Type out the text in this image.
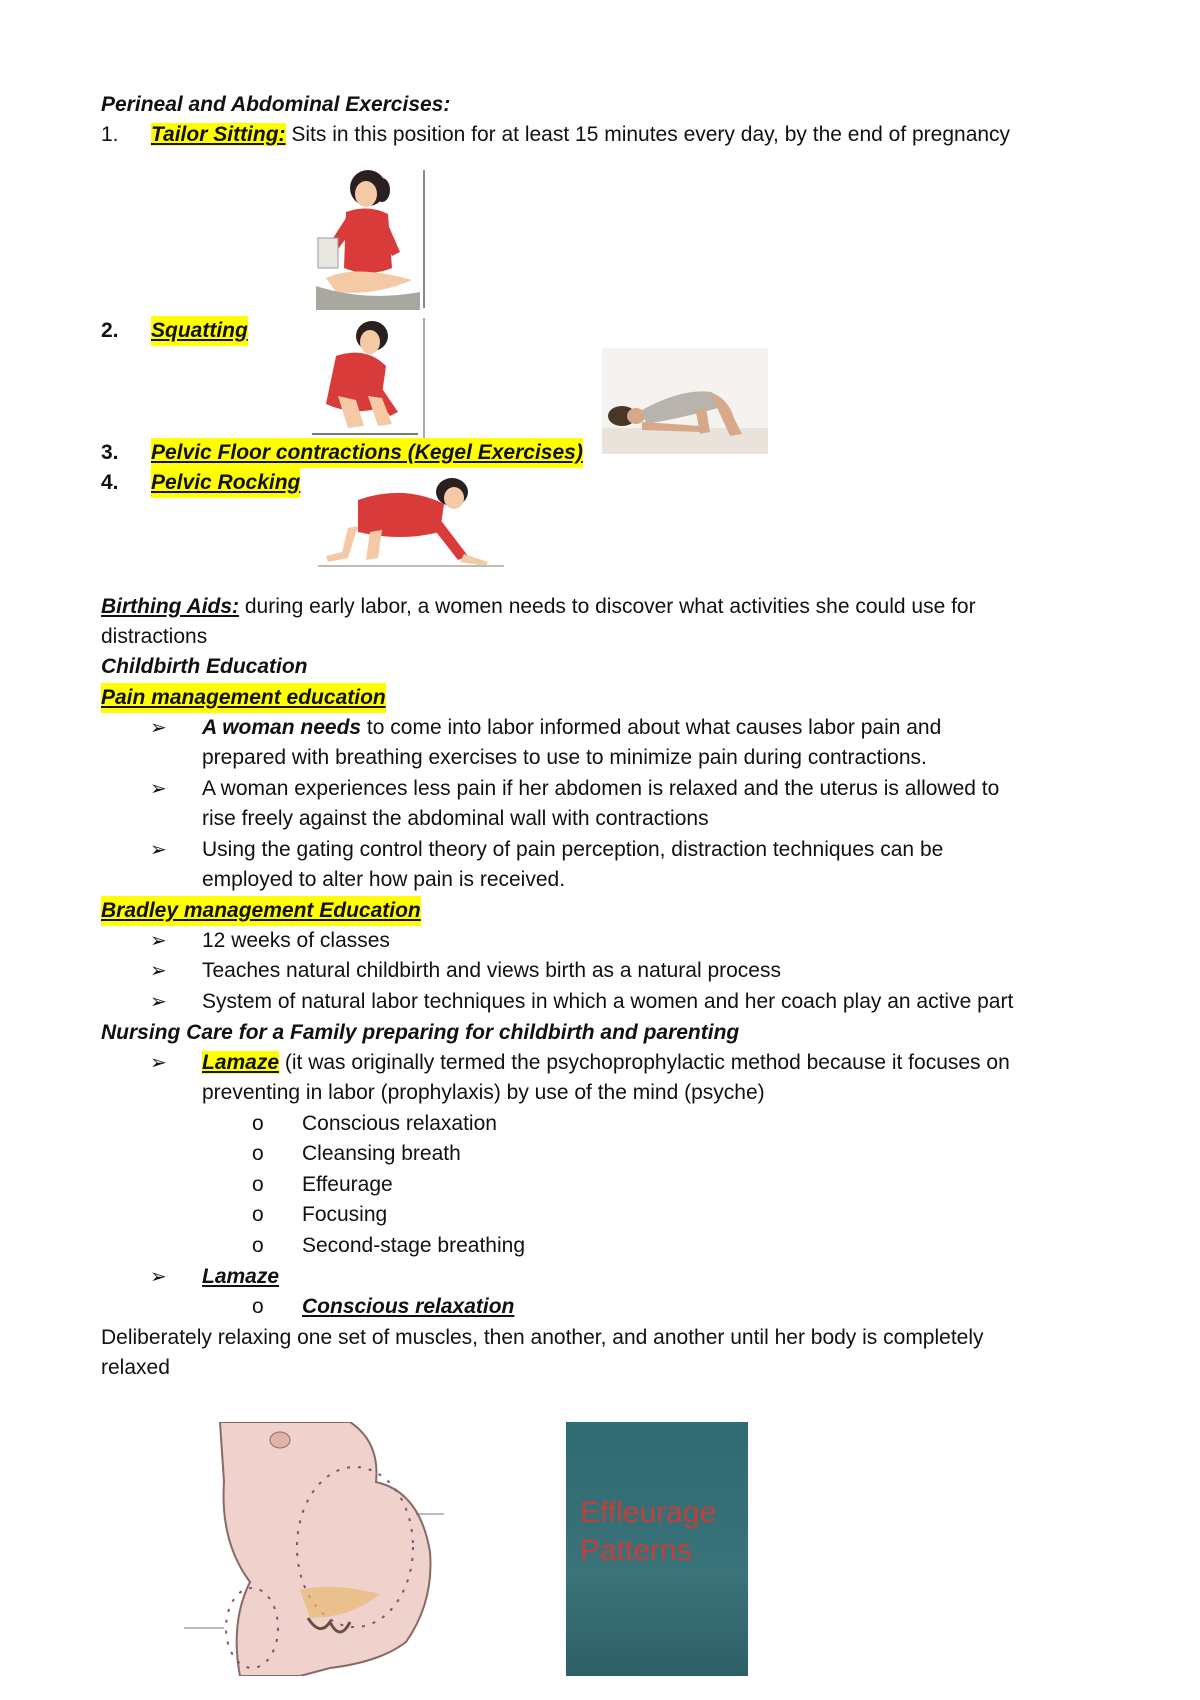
Perineal and Abdominal Exercises:
1.	Tailor Sitting: Sits in this position for at least 15 minutes every day, by the end of pregnancy
2.	Squatting
3.	Pelvic Floor contractions (Kegel Exercises)
4.	Pelvic Rocking
Birthing Aids: during early labor, a women needs to discover what activities she could use for
distractions
Childbirth Education
Pain management education
➢ A woman needs to come into labor informed about what causes labor pain and
prepared with breathing exercises to use to minimize pain during contractions.
➢ A woman experiences less pain if her abdomen is relaxed and the uterus is allowed to
rise freely against the abdominal wall with contractions
➢ Using the gating control theory of pain perception, distraction techniques can be
employed to alter how pain is received.
Bradley management Education
➢ 12 weeks of classes
➢ Teaches natural childbirth and views birth as a natural process
➢ System of natural labor techniques in which a women and her coach play an active part
Nursing Care for a Family preparing for childbirth and parenting
➢ Lamaze (it was originally termed the psychoprophylactic method because it focuses on
preventing in labor (prophylaxis) by use of the mind (psyche)
o Conscious relaxation
o Cleansing breath
o Effeurage
o Focusing
o Second-stage breathing
➢ Lamaze
o Conscious relaxation
Deliberately relaxing one set of muscles, then another, and another until her body is completely
relaxed
Effleurage
Patterns
